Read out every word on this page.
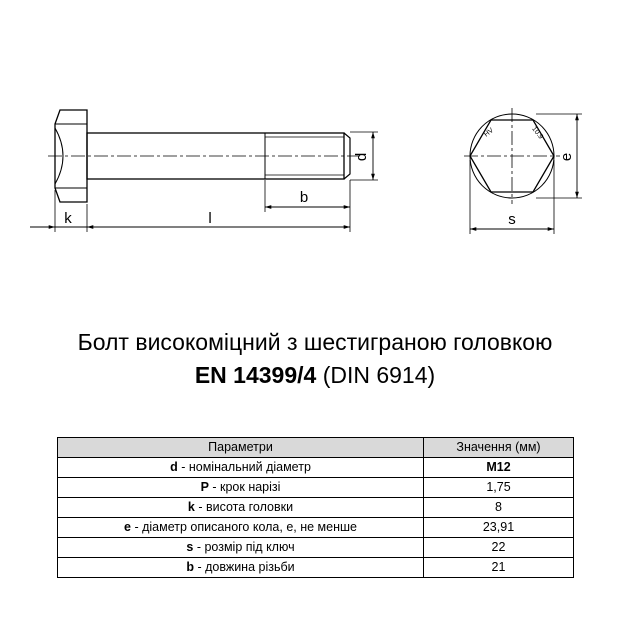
k	l
b
d	e
s
HV	10.9
Болт високоміцний з шестиграною головкою
EN 14399/4 (DIN 6914)
Параметри	Значення (мм)
d - номінальний діаметр	M12
P - крок нарізі	1,75
k - висота головки	8
e - діаметр описаного кола, е, не менше	23,91
s - розмір під ключ	22
b - довжина різьби	21
